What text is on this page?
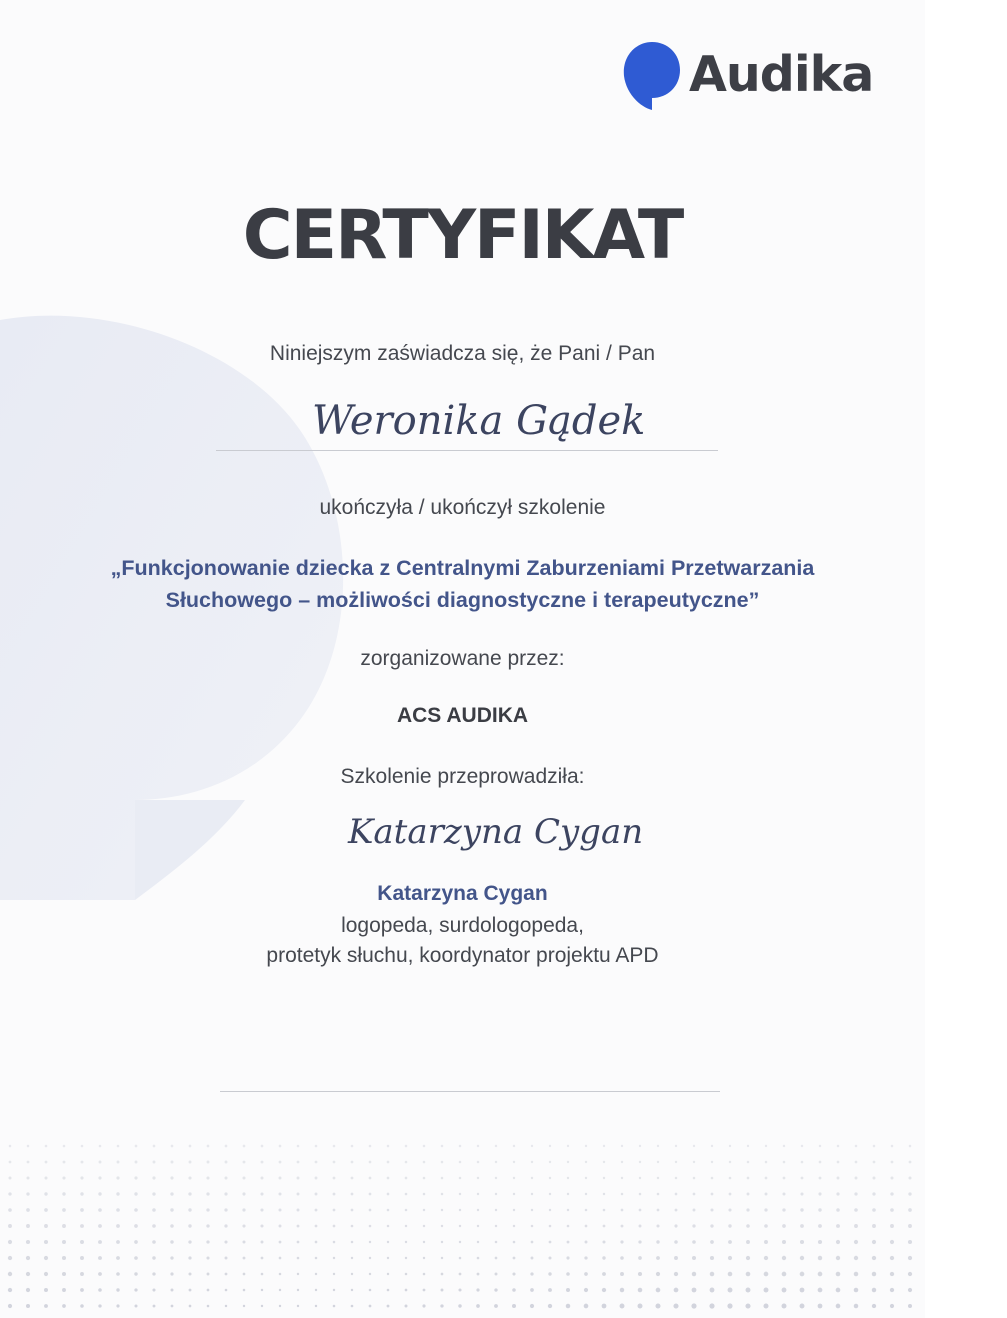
Audika
CERTYFIKAT
Niniejszym zaświadcza się, że Pani / Pan
Weronika Gądek
ukończyła / ukończył szkolenie
„Funkcjonowanie dziecka z Centralnymi Zaburzeniami Przetwarzania
Słuchowego – możliwości diagnostyczne i terapeutyczne”
zorganizowane przez:
ACS AUDIKA
Szkolenie przeprowadziła:
Katarzyna Cygan
Katarzyna Cygan
logopeda, surdologopeda,
protetyk słuchu, koordynator projektu APD
